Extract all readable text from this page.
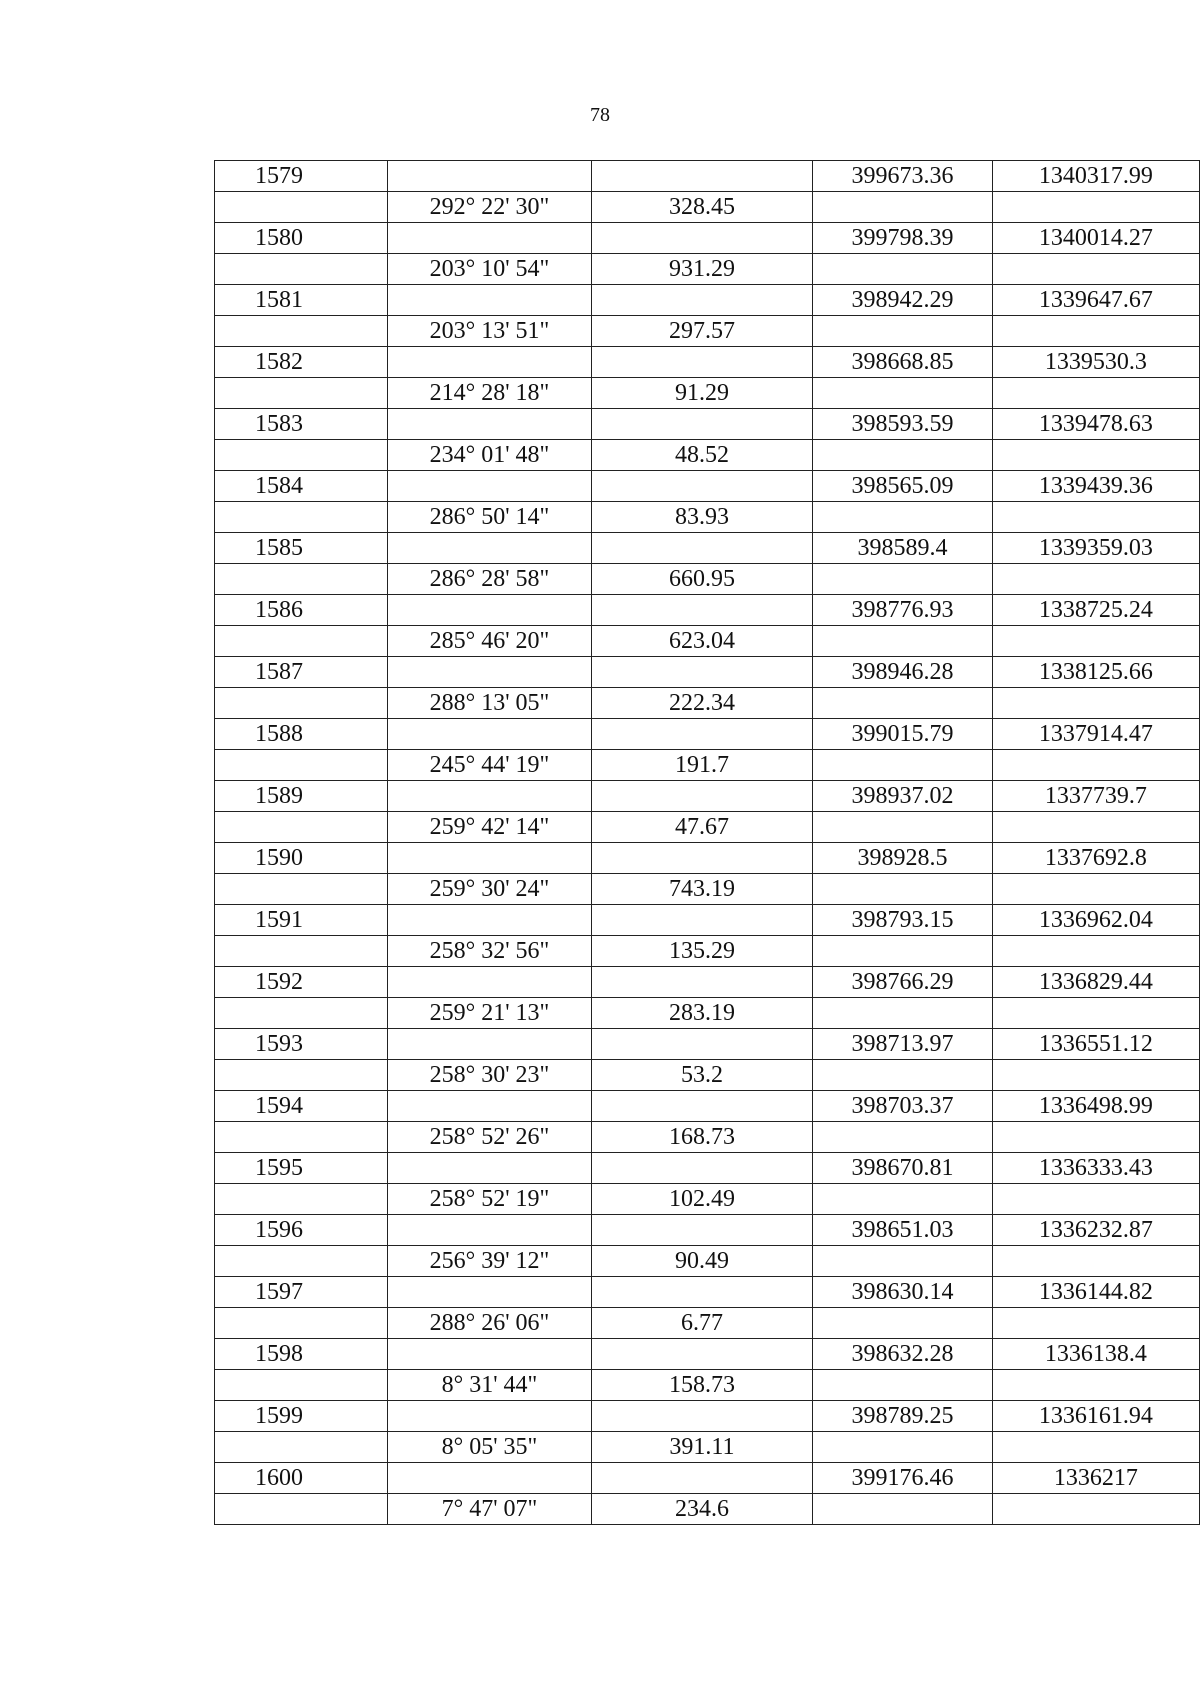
78
1579			399673.36	1340317.99
	292° 22' 30"	328.45		
1580			399798.39	1340014.27
	203° 10' 54"	931.29		
1581			398942.29	1339647.67
	203° 13' 51"	297.57		
1582			398668.85	1339530.3
	214° 28' 18"	91.29		
1583			398593.59	1339478.63
	234° 01' 48"	48.52		
1584			398565.09	1339439.36
	286° 50' 14"	83.93		
1585			398589.4	1339359.03
	286° 28' 58"	660.95		
1586			398776.93	1338725.24
	285° 46' 20"	623.04		
1587			398946.28	1338125.66
	288° 13' 05"	222.34		
1588			399015.79	1337914.47
	245° 44' 19"	191.7		
1589			398937.02	1337739.7
	259° 42' 14"	47.67		
1590			398928.5	1337692.8
	259° 30' 24"	743.19		
1591			398793.15	1336962.04
	258° 32' 56"	135.29		
1592			398766.29	1336829.44
	259° 21' 13"	283.19		
1593			398713.97	1336551.12
	258° 30' 23"	53.2		
1594			398703.37	1336498.99
	258° 52' 26"	168.73		
1595			398670.81	1336333.43
	258° 52' 19"	102.49		
1596			398651.03	1336232.87
	256° 39' 12"	90.49		
1597			398630.14	1336144.82
	288° 26' 06"	6.77		
1598			398632.28	1336138.4
	8° 31' 44"	158.73		
1599			398789.25	1336161.94
	8° 05' 35"	391.11		
1600			399176.46	1336217
	7° 47' 07"	234.6		
